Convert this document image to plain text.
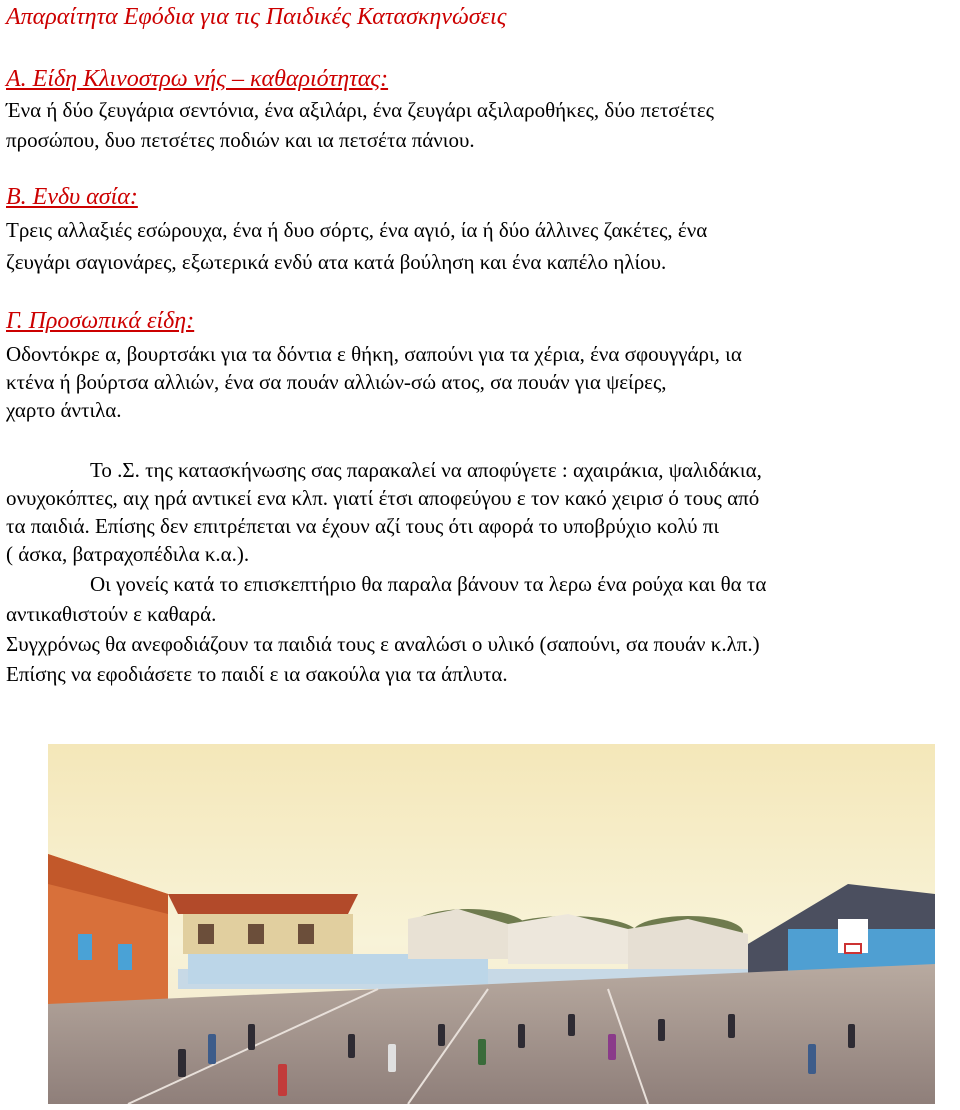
Απαραίτητα Εφόδια για τις Παιδικές Κατασκηνώσεις
Α. Είδη Κλινοστρω νής – καθαριότητας:

Ένα ή δύο ζευγάρια σεντόνια, ένα αξιλάρι, ένα ζευγάρι αξιλαροθήκες, δύο πετσέτες

προσώπου, δυο πετσέτες ποδιών και ια πετσέτα πάνιου.

Β. Ενδυ ασία:

Τρεις αλλαξιές εσώρουχα, ένα ή δυο σόρτς, ένα αγιό, ία ή δύο άλλινες ζακέτες, ένα

ζευγάρι σαγιονάρες, εξωτερικά ενδύ ατα κατά βούληση και ένα καπέλο ηλίου.

Γ. Προσωπικά είδη:

Οδοντόκρε α, βουρτσάκι για τα δόντια ε θήκη, σαπούνι για τα χέρια, ένα σφουγγάρι, ια

κτένα ή βούρτσα αλλιών, ένα σα πουάν αλλιών-σώ ατος, σα πουάν για ψείρες,

χαρτο άντιλα.

Το .Σ. της κατασκήνωσης σας παρακαλεί να αποφύγετε : αχαιράκια, ψαλιδάκια,

ονυχοκόπτες, αιχ ηρά αντικεί ενα κλπ. γιατί έτσι αποφεύγου ε τον κακό χειρισ ό τους από

τα παιδιά. Επίσης δεν επιτρέπεται να έχουν αζί τους ότι αφορά το υποβρύχιο κολύ πι

( άσκα, βατραχοπέδιλα κ.α.).

Οι γονείς κατά το επισκεπτήριο θα παραλα βάνουν τα λερω ένα ρούχα και θα τα

αντικαθιστούν ε καθαρά.

Συγχρόνως θα ανεφοδιάζουν τα παιδιά τους ε αναλώσι ο υλικό (σαπούνι, σα πουάν κ.λπ.)

Επίσης να εφοδιάσετε το παιδί ε ια σακούλα για τα άπλυτα.
